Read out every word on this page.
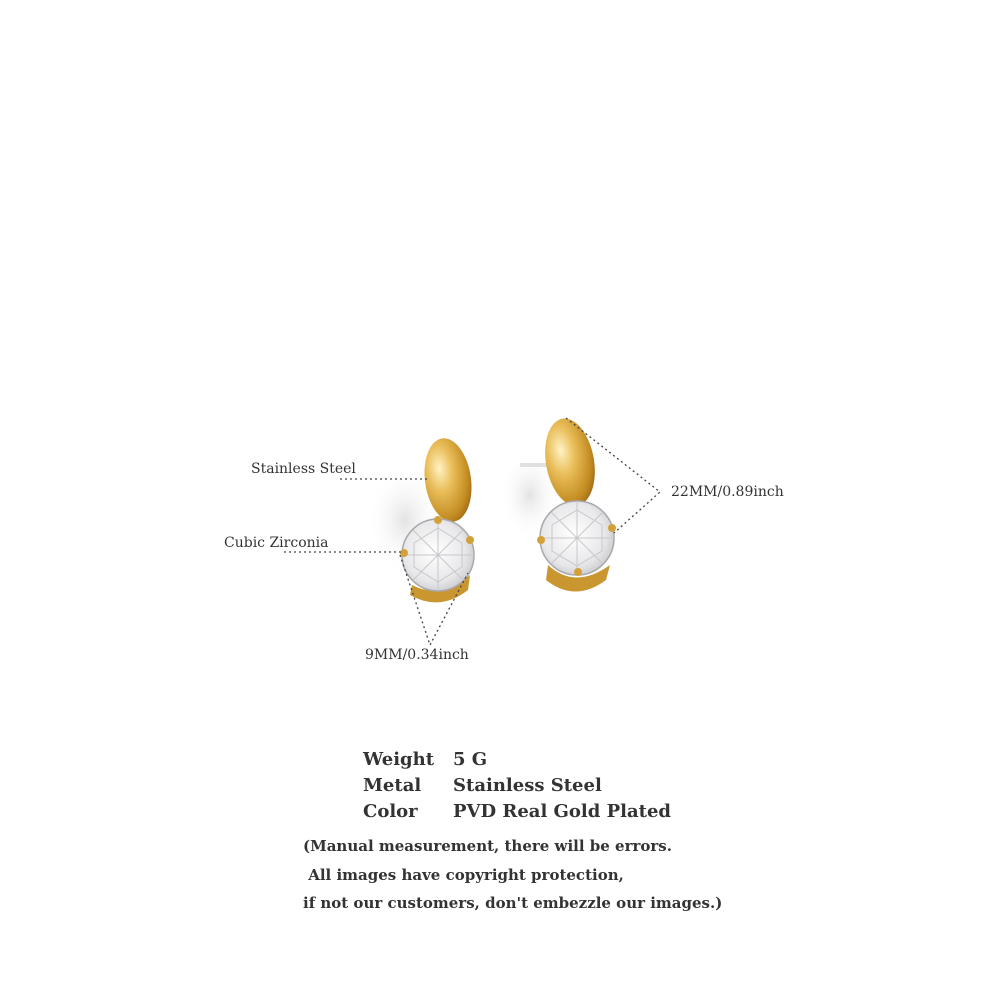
Stainless Steel
Cubic Zirconia
9MM/0.34inch
22MM/0.89inch
Weight 5 G
Metal Stainless Steel
Color PVD Real Gold Plated
(Manual measurement, there will be errors.
All images have copyright protection,
if not our customers, don't embezzle our images.)
